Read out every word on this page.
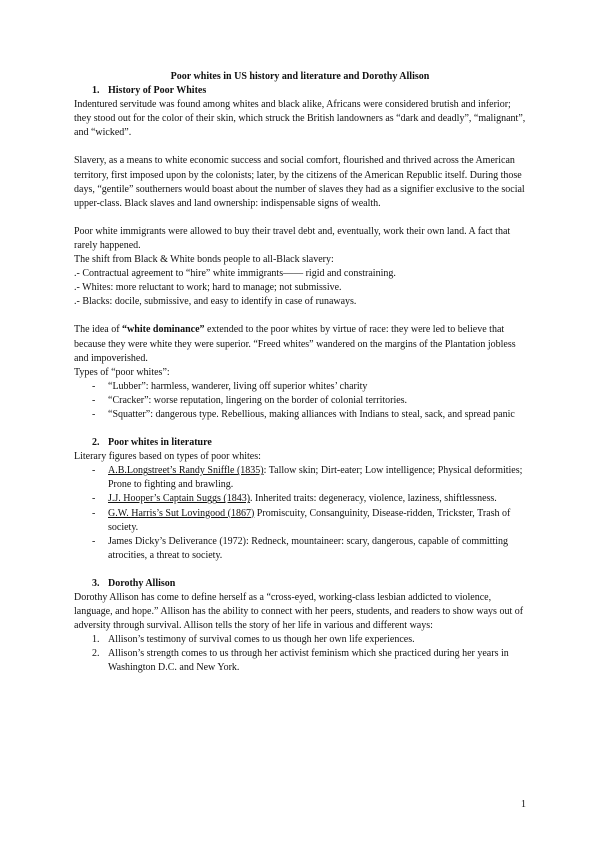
Poor whites in US history and literature and Dorothy Allison

1. History of Poor Whites

Indentured servitude was found among whites and black alike, Africans were considered brutish and inferior; they stood out for the color of their skin, which struck the British landowners as “dark and deadly”, “malignant”, and “wicked”.

Slavery, as a means to white economic success and social comfort, flourished and thrived across the American territory, first imposed upon by the colonists; later, by the citizens of the American Republic itself. During those days, “gentile” southerners would boast about the number of slaves they had as a signifier exclusive to the social upper-class. Black slaves and land ownership: indispensable signs of wealth.

Poor white immigrants were allowed to buy their travel debt and, eventually, work their own land. A fact that rarely happened.

The shift from Black & White bonds people to all-Black slavery:

.- Contractual agreement to “hire” white immigrants–––– rigid and constraining.

.- Whites: more reluctant to work; hard to manage; not submissive.

.- Blacks: docile, submissive, and easy to identify in case of runaways.

The idea of “white dominance” extended to the poor whites by virtue of race: they were led to believe that because they were white they were superior. “Freed whites” wandered on the margins of the Plantation jobless and impoverished.

Types of “poor whites”:

-	“Lubber”: harmless, wanderer, living off superior whites’ charity
-	“Cracker”: worse reputation, lingering on the border of colonial territories.
-	“Squatter”: dangerous type. Rebellious, making alliances with Indians to steal, sack, and spread panic
2. Poor whites in literature

Literary figures based on types of poor whites:

-	A.B.Longstreet’s Randy Sniffle (1835): Tallow skin; Dirt-eater; Low intelligence; Physical deformities; Prone to fighting and brawling.
-	J.J. Hooper’s Captain Suggs (1843). Inherited traits: degeneracy, violence, laziness, shiftlessness.
-	G.W. Harris’s Sut Lovingood (1867) Promiscuity, Consanguinity, Disease-ridden, Trickster, Trash of society.
-	James Dicky’s Deliverance (1972): Redneck, mountaineer: scary, dangerous, capable of committing atrocities, a threat to society.
3. Dorothy Allison

Dorothy Allison has come to define herself as a “cross-eyed, working-class lesbian addicted to violence, language, and hope.” Allison has the ability to connect with her peers, students, and readers to show ways out of adversity through survival. Allison tells the story of her life in various and different ways:

1. Allison’s testimony of survival comes to us though her own life experiences.
2. Allison’s strength comes to us through her activist feminism which she practiced during her years in Washington D.C. and New York.
1
